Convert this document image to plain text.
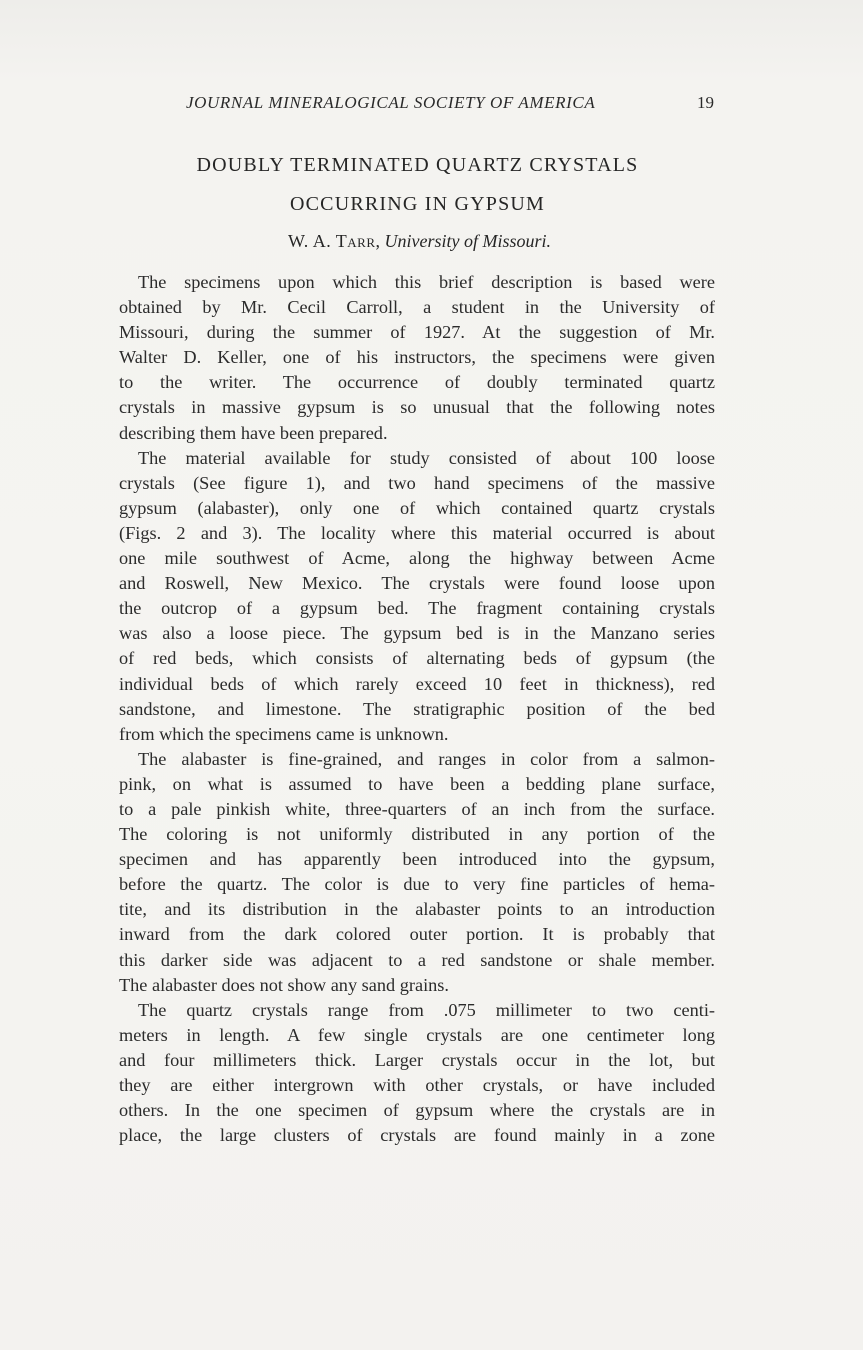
JOURNAL MINERALOGICAL SOCIETY OF AMERICA	19
DOUBLY TERMINATED QUARTZ CRYSTALS
OCCURRING IN GYPSUM
W. A. Tarr, University of Missouri.

The specimens upon which this brief description is based were
obtained by Mr. Cecil Carroll, a student in the University of
Missouri, during the summer of 1927. At the suggestion of Mr.
Walter D. Keller, one of his instructors, the specimens were given
to the writer. The occurrence of doubly terminated quartz
crystals in massive gypsum is so unusual that the following notes
describing them have been prepared.

The material available for study consisted of about 100 loose
crystals (See figure 1), and two hand specimens of the massive
gypsum (alabaster), only one of which contained quartz crystals
(Figs. 2 and 3). The locality where this material occurred is about
one mile southwest of Acme, along the highway between Acme
and Roswell, New Mexico. The crystals were found loose upon
the outcrop of a gypsum bed. The fragment containing crystals
was also a loose piece. The gypsum bed is in the Manzano series
of red beds, which consists of alternating beds of gypsum (the
individual beds of which rarely exceed 10 feet in thickness), red
sandstone, and limestone. The stratigraphic position of the bed
from which the specimens came is unknown.

The alabaster is fine-grained, and ranges in color from a salmon-
pink, on what is assumed to have been a bedding plane surface,
to a pale pinkish white, three-quarters of an inch from the surface.
The coloring is not uniformly distributed in any portion of the
specimen and has apparently been introduced into the gypsum,
before the quartz. The color is due to very fine particles of hema-
tite, and its distribution in the alabaster points to an introduction
inward from the dark colored outer portion. It is probably that
this darker side was adjacent to a red sandstone or shale member.
The alabaster does not show any sand grains.

The quartz crystals range from .075 millimeter to two centi-
meters in length. A few single crystals are one centimeter long
and four millimeters thick. Larger crystals occur in the lot, but
they are either intergrown with other crystals, or have included
others. In the one specimen of gypsum where the crystals are in
place, the large clusters of crystals are found mainly in a zone
